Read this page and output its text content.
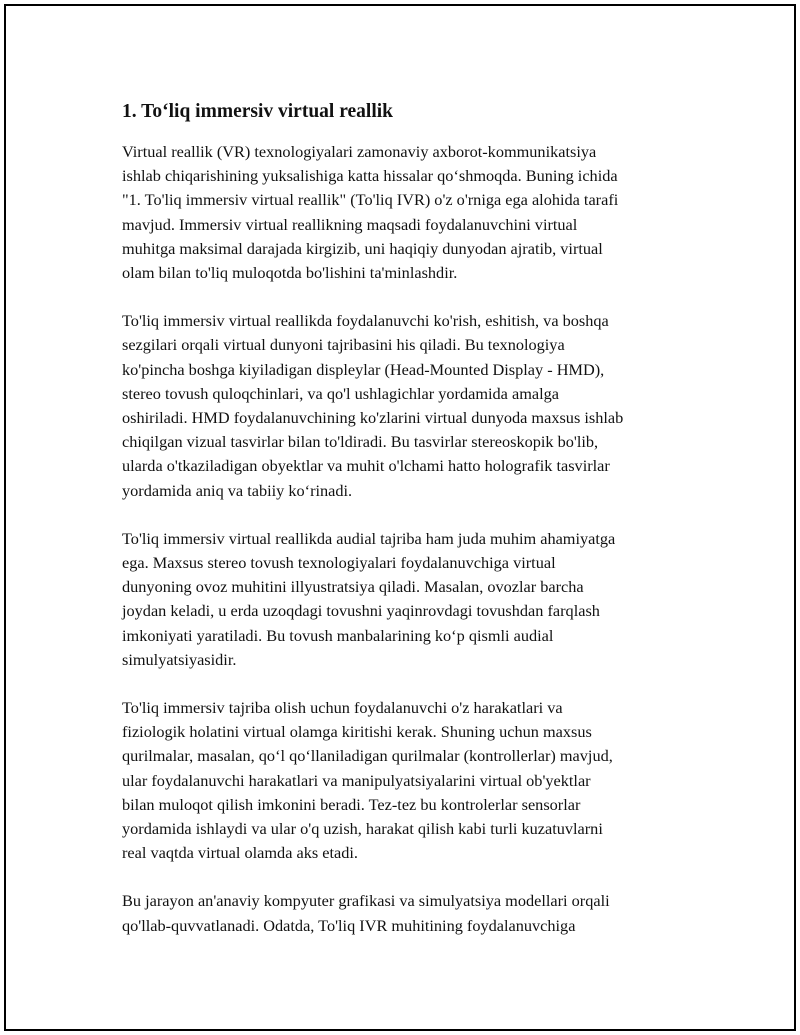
1. To‘liq immersiv virtual reallik

Virtual reallik (VR) texnologiyalari zamonaviy axborot-kommunikatsiya
ishlab chiqarishining yuksalishiga katta hissalar qo‘shmoqda. Buning ichida
"1. To'liq immersiv virtual reallik" (To'liq IVR) o'z o'rniga ega alohida tarafi
mavjud. Immersiv virtual reallikning maqsadi foydalanuvchini virtual
muhitga maksimal darajada kirgizib, uni haqiqiy dunyodan ajratib, virtual
olam bilan to'liq muloqotda bo'lishini ta'minlashdir.

To'liq immersiv virtual reallikda foydalanuvchi ko'rish, eshitish, va boshqa
sezgilari orqali virtual dunyoni tajribasini his qiladi. Bu texnologiya
ko'pincha boshga kiyiladigan displeylar (Head-Mounted Display - HMD),
stereo tovush quloqchinlari, va qo'l ushlagichlar yordamida amalga
oshiriladi. HMD foydalanuvchining ko'zlarini virtual dunyoda maxsus ishlab
chiqilgan vizual tasvirlar bilan to'ldiradi. Bu tasvirlar stereoskopik bo'lib,
ularda o'tkaziladigan obyektlar va muhit o'lchami hatto holografik tasvirlar
yordamida aniq va tabiiy ko‘rinadi.

To'liq immersiv virtual reallikda audial tajriba ham juda muhim ahamiyatga
ega. Maxsus stereo tovush texnologiyalari foydalanuvchiga virtual
dunyoning ovoz muhitini illyustratsiya qiladi. Masalan, ovozlar barcha
joydan keladi, u erda uzoqdagi tovushni yaqinrovdagi tovushdan farqlash
imkoniyati yaratiladi. Bu tovush manbalarining ko‘p qismli audial
simulyatsiyasidir.

To'liq immersiv tajriba olish uchun foydalanuvchi o'z harakatlari va
fiziologik holatini virtual olamga kiritishi kerak. Shuning uchun maxsus
qurilmalar, masalan, qo‘l qo‘llaniladigan qurilmalar (kontrollerlar) mavjud,
ular foydalanuvchi harakatlari va manipulyatsiyalarini virtual ob'yektlar
bilan muloqot qilish imkonini beradi. Tez-tez bu kontrolerlar sensorlar
yordamida ishlaydi va ular o'q uzish, harakat qilish kabi turli kuzatuvlarni
real vaqtda virtual olamda aks etadi.

Bu jarayon an'anaviy kompyuter grafikasi va simulyatsiya modellari orqali
qo'llab-quvvatlanadi. Odatda, To'liq IVR muhitining foydalanuvchiga
